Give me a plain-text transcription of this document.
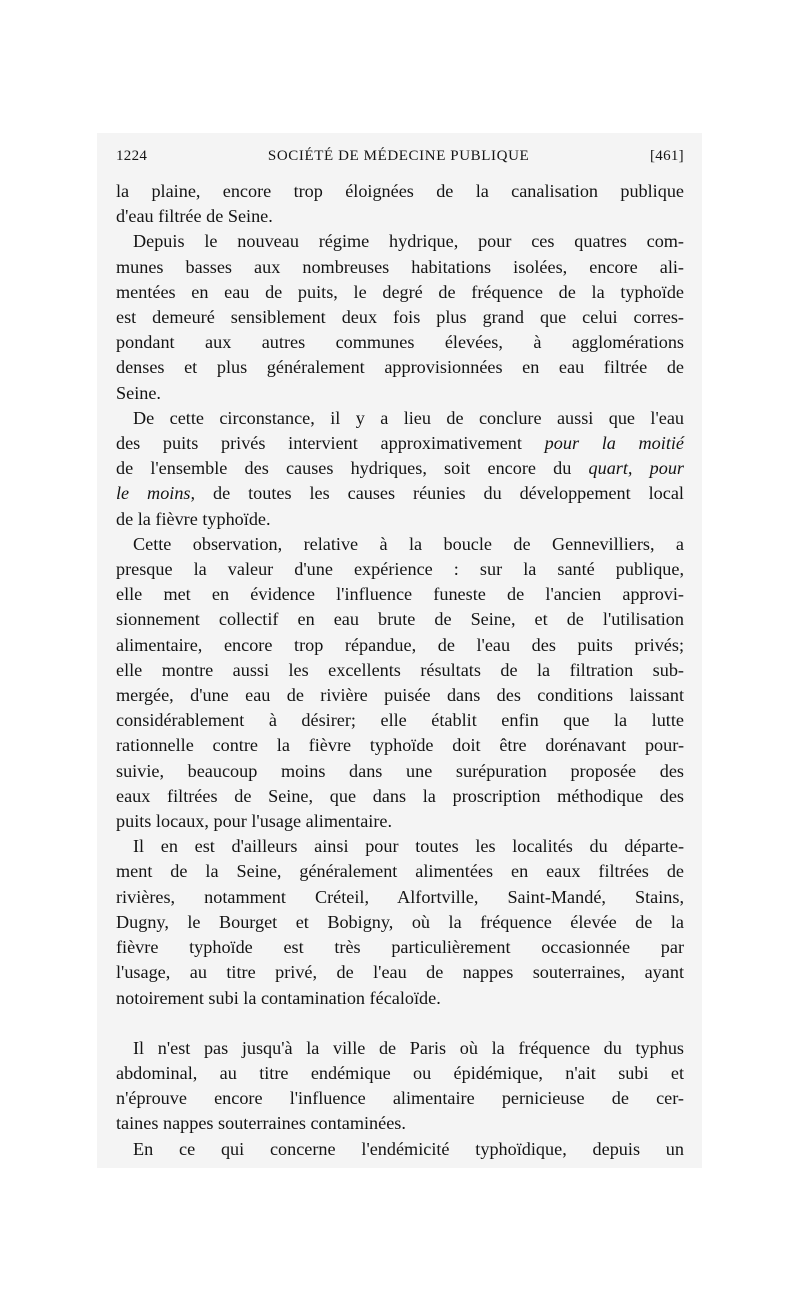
1224	SOCIÉTÉ DE MÉDECINE PUBLIQUE	[461]

la plaine, encore trop éloignées de la canalisation publique
d'eau filtrée de Seine.

Depuis le nouveau régime hydrique, pour ces quatres com-
munes basses aux nombreuses habitations isolées, encore ali-
mentées en eau de puits, le degré de fréquence de la typhoïde
est demeuré sensiblement deux fois plus grand que celui corres-
pondant aux autres communes élevées, à agglomérations
denses et plus généralement approvisionnées en eau filtrée de
Seine.

De cette circonstance, il y a lieu de conclure aussi que l'eau
des puits privés intervient approximativement pour la moitié
de l'ensemble des causes hydriques, soit encore du quart, pour
le moins, de toutes les causes réunies du développement local
de la fièvre typhoïde.

Cette observation, relative à la boucle de Gennevilliers, a
presque la valeur d'une expérience : sur la santé publique,
elle met en évidence l'influence funeste de l'ancien approvi-
sionnement collectif en eau brute de Seine, et de l'utilisation
alimentaire, encore trop répandue, de l'eau des puits privés;
elle montre aussi les excellents résultats de la filtration sub-
mergée, d'une eau de rivière puisée dans des conditions laissant
considérablement à désirer; elle établit enfin que la lutte
rationnelle contre la fièvre typhoïde doit être dorénavant pour-
suivie, beaucoup moins dans une surépuration proposée des
eaux filtrées de Seine, que dans la proscription méthodique des
puits locaux, pour l'usage alimentaire.

Il en est d'ailleurs ainsi pour toutes les localités du départe-
ment de la Seine, généralement alimentées en eaux filtrées de
rivières, notamment Créteil, Alfortville, Saint-Mandé, Stains,
Dugny, le Bourget et Bobigny, où la fréquence élevée de la
fièvre typhoïde est très particulièrement occasionnée par
l'usage, au titre privé, de l'eau de nappes souterraines, ayant
notoirement subi la contamination fécaloïde.

Il n'est pas jusqu'à la ville de Paris où la fréquence du typhus
abdominal, au titre endémique ou épidémique, n'ait subi et
n'éprouve encore l'influence alimentaire pernicieuse de cer-
taines nappes souterraines contaminées.

En ce qui concerne l'endémicité typhoïdique, depuis un
